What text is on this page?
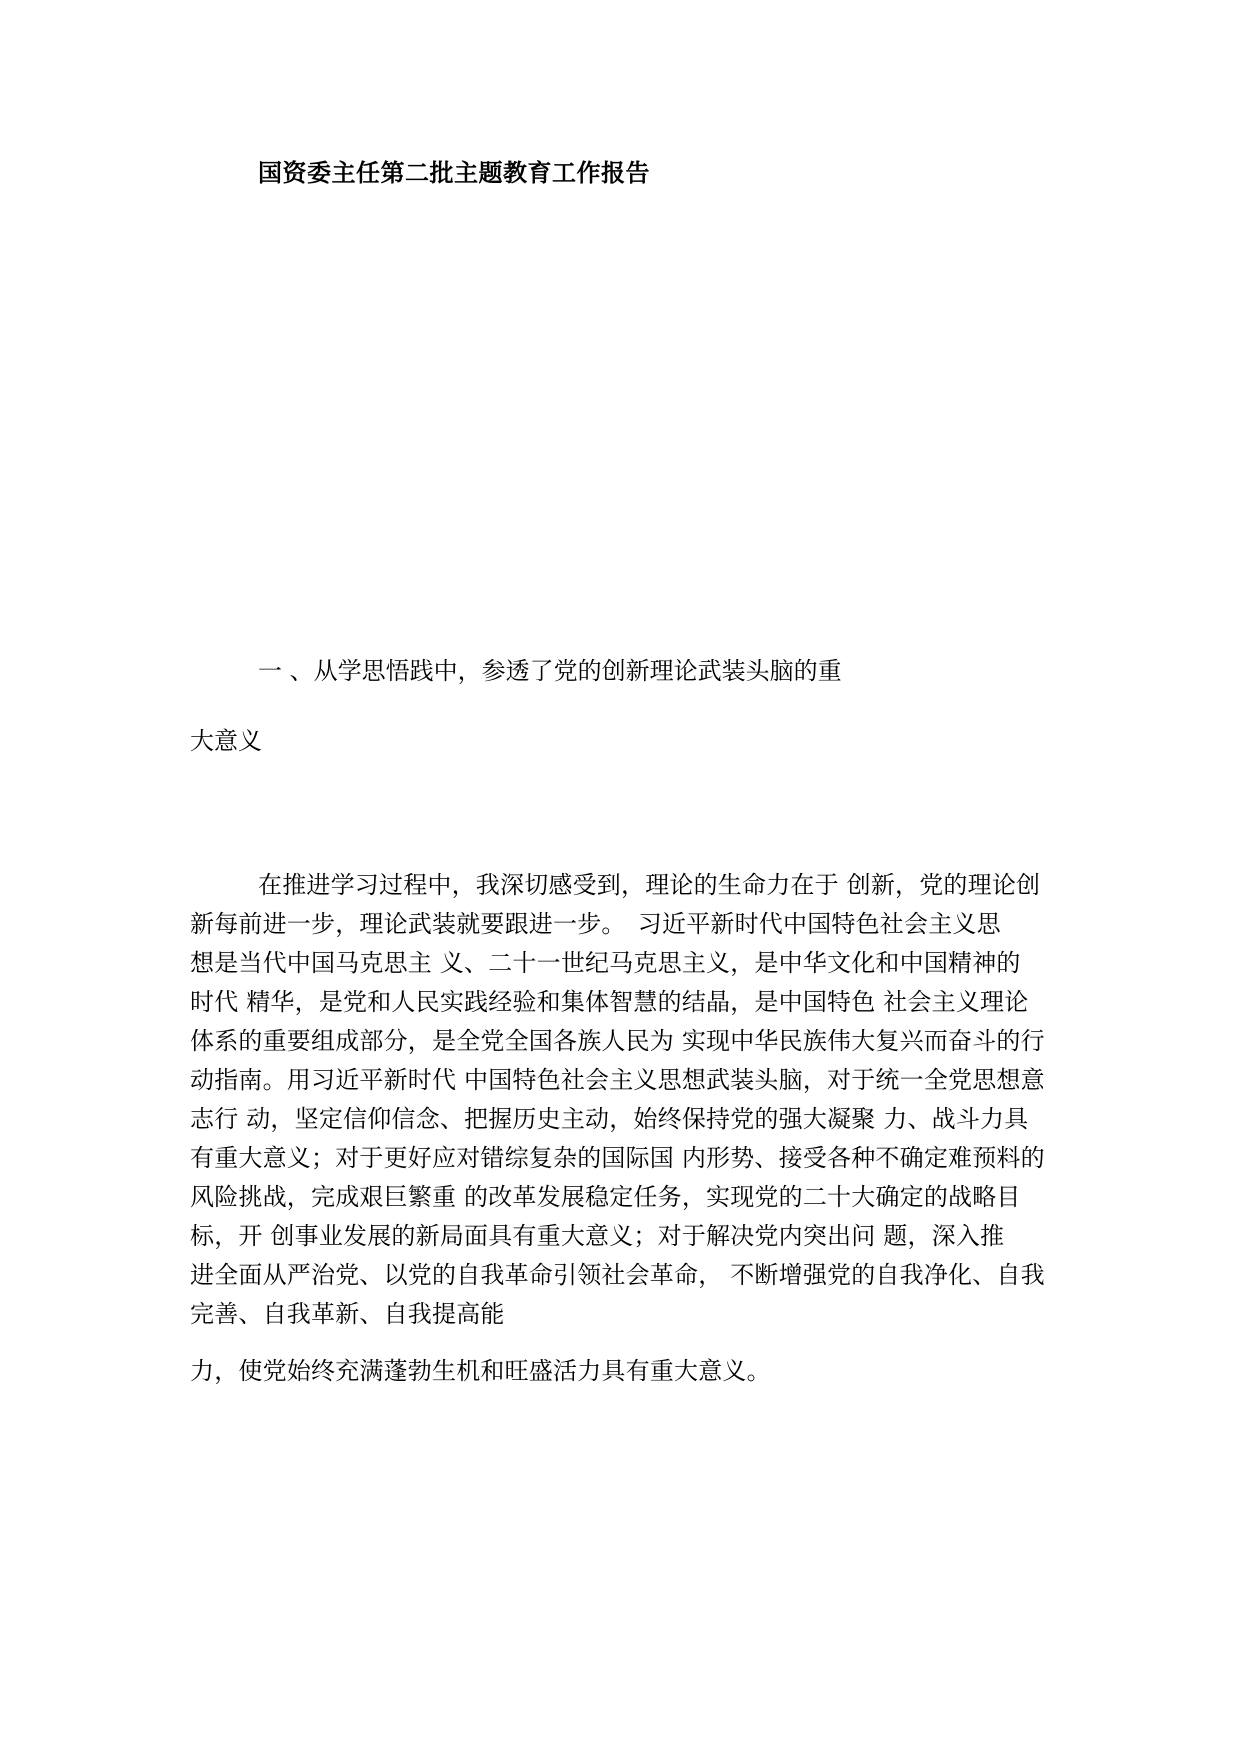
国资委主任第二批主题教育工作报告
一 、从学思悟践中，参透了党的创新理论武装头脑的重
大意义
在推进学习过程中，我深切感受到，理论的生命力在于 创新，党的理论创
新每前进一步，理论武装就要跟进一步。　习近平新时代中国特色社会主义思
想是当代中国马克思主 义、二十一世纪马克思主义，是中华文化和中国精神的
时代 精华，是党和人民实践经验和集体智慧的结晶，是中国特色 社会主义理论
体系的重要组成部分，是全党全国各族人民为 实现中华民族伟大复兴而奋斗的行
动指南。用习近平新时代 中国特色社会主义思想武装头脑，对于统一全党思想意
志行 动，坚定信仰信念、把握历史主动，始终保持党的强大凝聚 力、战斗力具
有重大意义；对于更好应对错综复杂的国际国 内形势、接受各种不确定难预料的
风险挑战，完成艰巨繁重 的改革发展稳定任务，实现党的二十大确定的战略目
标，开 创事业发展的新局面具有重大意义；对于解决党内突出问 题，深入推
进全面从严治党、以党的自我革命引领社会革命， 不断增强党的自我净化、自我
完善、自我革新、自我提高能
力，使党始终充满蓬勃生机和旺盛活力具有重大意义。
